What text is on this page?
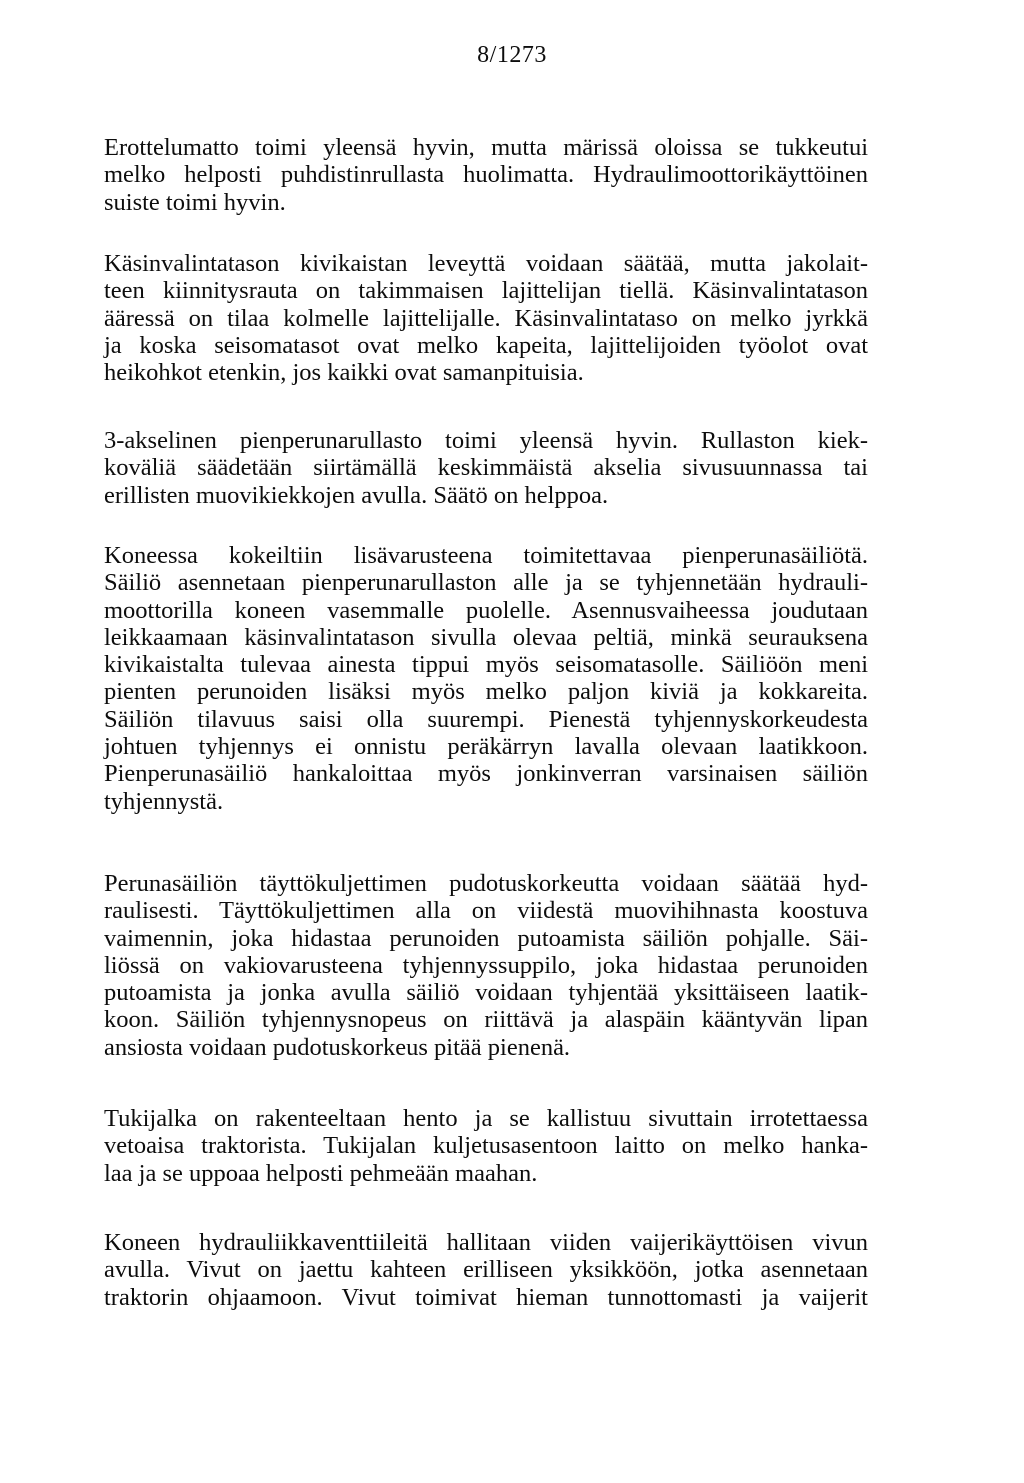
8/1273
Erottelumatto toimi yleensä hyvin, mutta märissä oloissa se tukkeutui
melko helposti puhdistinrullasta huolimatta. Hydraulimoottorikäyttöinen
suiste toimi hyvin.
Käsinvalintatason kivikaistan leveyttä voidaan säätää, mutta jakolait-
teen kiinnitysrauta on takimmaisen lajittelijan tiellä. Käsinvalintatason
ääressä on tilaa kolmelle lajittelijalle. Käsinvalintataso on melko jyrkkä
ja koska seisomatasot ovat melko kapeita, lajittelijoiden työolot ovat
heikohkot etenkin, jos kaikki ovat samanpituisia.
3-akselinen pienperunarullasto toimi yleensä hyvin. Rullaston kiek-
koväliä säädetään siirtämällä keskimmäistä akselia sivusuunnassa tai
erillisten muovikiekkojen avulla. Säätö on helppoa.
Koneessa kokeiltiin lisävarusteena toimitettavaa pienperunasäiliötä.
Säiliö asennetaan pienperunarullaston alle ja se tyhjennetään hydrauli-
moottorilla koneen vasemmalle puolelle. Asennusvaiheessa joudutaan
leikkaamaan käsinvalintatason sivulla olevaa peltiä, minkä seurauksena
kivikaistalta tulevaa ainesta tippui myös seisomatasolle. Säiliöön meni
pienten perunoiden lisäksi myös melko paljon kiviä ja kokkareita.
Säiliön tilavuus saisi olla suurempi. Pienestä tyhjennyskorkeudesta
johtuen tyhjennys ei onnistu peräkärryn lavalla olevaan laatikkoon.
Pienperunasäiliö hankaloittaa myös jonkinverran varsinaisen säiliön
tyhjennystä.
Perunasäiliön täyttökuljettimen pudotuskorkeutta voidaan säätää hyd-
raulisesti. Täyttökuljettimen alla on viidestä muovihihnasta koostuva
vaimennin, joka hidastaa perunoiden putoamista säiliön pohjalle. Säi-
liössä on vakiovarusteena tyhjennyssuppilo, joka hidastaa perunoiden
putoamista ja jonka avulla säiliö voidaan tyhjentää yksittäiseen laatik-
koon. Säiliön tyhjennysnopeus on riittävä ja alaspäin kääntyvän lipan
ansiosta voidaan pudotuskorkeus pitää pienenä.
Tukijalka on rakenteeltaan hento ja se kallistuu sivuttain irrotettaessa
vetoaisa traktorista. Tukijalan kuljetusasentoon laitto on melko hanka-
laa ja se uppoaa helposti pehmeään maahan.
Koneen hydrauliikkaventtiileitä hallitaan viiden vaijerikäyttöisen vivun
avulla. Vivut on jaettu kahteen erilliseen yksikköön, jotka asennetaan
traktorin ohjaamoon. Vivut toimivat hieman tunnottomasti ja vaijerit
